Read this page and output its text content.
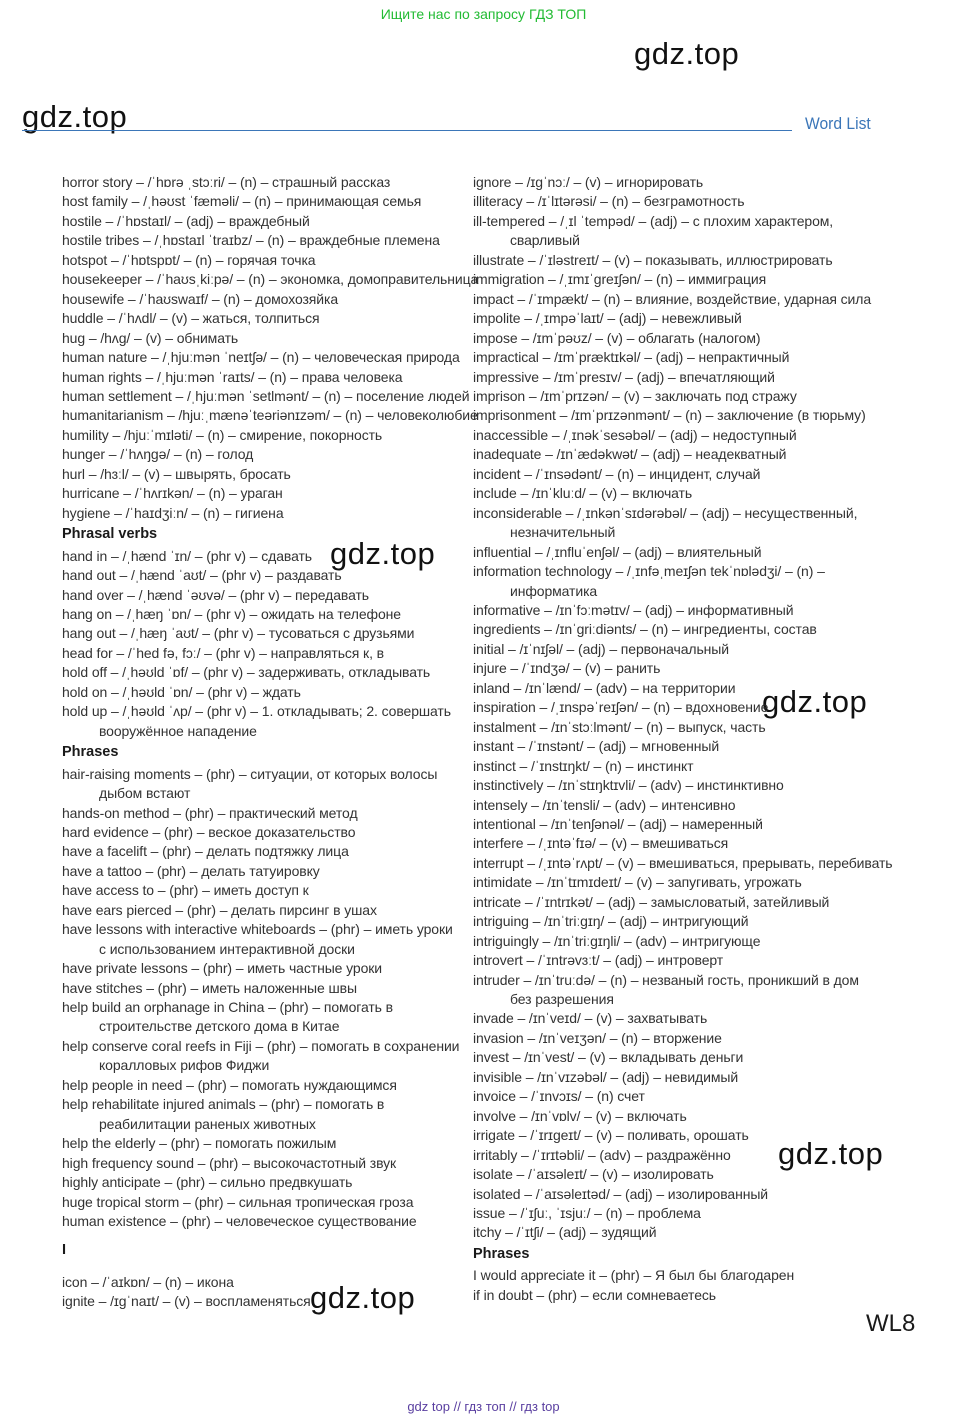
Ищите нас по запросу ГДЗ ТОП
gdz.top
gdz.top
gdz.top
gdz.top
gdz.top
gdz.top
Word List
horror story – /ˈhɒrə ˌstɔːri/ – (n) – страшный рассказ
host family – /ˌhəʊst ˈfæməli/ – (n) – принимающая семья
hostile – /ˈhɒstaɪl/ – (adj) – враждебный
hostile tribes – /ˌhɒstaɪl ˈtraɪbz/ – (n) – враждебные племена
hotspot – /ˈhɒtspɒt/ – (n) – горячая точка
housekeeper – /ˈhaʊsˌkiːpə/ – (n) – экономка, домоправительница
housewife – /ˈhaʊswaɪf/ – (n) – домохозяйка
huddle – /ˈhʌdl/ – (v) – жаться, толпиться
hug – /hʌg/ – (v) – обнимать
human nature – /ˌhjuːmən ˈneɪtʃə/ – (n) – человеческая природа
human rights – /ˌhjuːmən ˈraɪts/ – (n) – права человека
human settlement – /ˌhjuːmən ˈsetlmənt/ – (n) – поселение людей
humanitarianism – /hjuːˌmænəˈteəriənɪzəm/ – (n) – человеколюбие
humility – /hjuːˈmɪləti/ – (n) – смирение, покорность
hunger – /ˈhʌŋgə/ – (n) – голод
hurl – /hɜːl/ – (v) – швырять, бросать
hurricane – /ˈhʌrɪkən/ – (n) – ураган
hygiene – /ˈhaɪdʒiːn/ – (n) – гигиена
Phrasal verbs
hand in – /ˌhænd ˈɪn/ – (phr v) – сдавать
hand out – /ˌhænd ˈaʊt/ – (phr v) – раздавать
hand over – /ˌhænd ˈəʊvə/ – (phr v) – передавать
hang on – /ˌhæŋ ˈɒn/ – (phr v) – ожидать на телефоне
hang out – /ˌhæŋ ˈaʊt/ – (phr v) – тусоваться с друзьями
head for – /ˈhed fə, fɔː/ – (phr v) – направляться к, в
hold off – /ˌhəʊld ˈɒf/ – (phr v) – задерживать, откладывать
hold on – /ˌhəʊld ˈɒn/ – (phr v) – ждать
hold up – /ˌhəʊld ˈʌp/ – (phr v) – 1. откладывать; 2. совершать
вооружённое нападение
Phrases
hair-raising moments – (phr) – ситуации, от которых волосы
дыбом встают
hands-on method – (phr) – практический метод
hard evidence – (phr) – веское доказательство
have a facelift – (phr) – делать подтяжку лица
have a tattoo – (phr) – делать татуировку
have access to – (phr) – иметь доступ к
have ears pierced – (phr) – делать пирсинг в ушах
have lessons with interactive whiteboards – (phr) – иметь уроки
с использованием интерактивной доски
have private lessons – (phr) – иметь частные уроки
have stitches – (phr) – иметь наложенные швы
help build an orphanage in China – (phr) – помогать в
строительстве детского дома в Китае
help conserve coral reefs in Fiji – (phr) – помогать в сохранении
коралловых рифов Фиджи
help people in need – (phr) – помогать нуждающимся
help rehabilitate injured animals – (phr) – помогать в
реабилитации раненых животных
help the elderly – (phr) – помогать пожилым
high frequency sound – (phr) – высокочастотный звук
highly anticipate – (phr) – сильно предвкушать
huge tropical storm – (phr) – сильная тропическая гроза
human existence – (phr) – человеческое существование
I
icon – /ˈaɪkɒn/ – (n) – икона
ignite – /ɪgˈnaɪt/ – (v) – воспламеняться
ignore – /ɪgˈnɔː/ – (v) – игнорировать
illiteracy – /ɪˈlɪtərəsi/ – (n) – безграмотность
ill-tempered – /ˌɪl ˈtempəd/ – (adj) – с плохим характером,
сварливый
illustrate – /ˈɪləstreɪt/ – (v) – показывать, иллюстрировать
immigration – /ˌɪmɪˈgreɪʃən/ – (n) – иммиграция
impact – /ˈɪmpækt/ – (n) – влияние, воздействие, ударная сила
impolite – /ˌɪmpəˈlaɪt/ – (adj) – невежливый
impose – /ɪmˈpəʊz/ – (v) – облагать (налогом)
impractical – /ɪmˈpræktɪkəl/ – (adj) – непрактичный
impressive – /ɪmˈpresɪv/ – (adj) – впечатляющий
imprison – /ɪmˈprɪzən/ – (v) – заключать под стражу
imprisonment – /ɪmˈprɪzənmənt/ – (n) – заключение (в тюрьму)
inaccessible – /ˌɪnəkˈsesəbəl/ – (adj) – недоступный
inadequate – /ɪnˈædəkwət/ – (adj) – неадекватный
incident – /ˈɪnsədənt/ – (n) – инцидент, случай
include – /ɪnˈkluːd/ – (v) – включать
inconsiderable – /ˌɪnkənˈsɪdərəbəl/ – (adj) – несущественный,
незначительный
influential – /ˌɪnfluˈenʃəl/ – (adj) – влиятельный
information technology – /ˌɪnfəˌmeɪʃən tekˈnɒlədʒi/ – (n) –
информатика
informative – /ɪnˈfɔːmətɪv/ – (adj) – информативный
ingredients – /ɪnˈgriːdiənts/ – (n) – ингредиенты, состав
initial – /ɪˈnɪʃəl/ – (adj) – первоначальный
injure – /ˈɪndʒə/ – (v) – ранить
inland – /ɪnˈlænd/ – (adv) – на территории
inspiration – /ˌɪnspəˈreɪʃən/ – (n) – вдохновение
instalment – /ɪnˈstɔːlmənt/ – (n) – выпуск, часть
instant – /ˈɪnstənt/ – (adj) – мгновенный
instinct – /ˈɪnstɪŋkt/ – (n) – инстинкт
instinctively – /ɪnˈstɪŋktɪvli/ – (adv) – инстинктивно
intensely – /ɪnˈtensli/ – (adv) – интенсивно
intentional – /ɪnˈtenʃənəl/ – (adj) – намеренный
interfere – /ˌɪntəˈfɪə/ – (v) – вмешиваться
interrupt – /ˌɪntəˈrʌpt/ – (v) – вмешиваться, прерывать, перебивать
intimidate – /ɪnˈtɪmɪdeɪt/ – (v) – запугивать, угрожать
intricate – /ˈɪntrɪkət/ – (adj) – замысловатый, затейливый
intriguing – /ɪnˈtriːgɪŋ/ – (adj) – интригующий
intriguingly – /ɪnˈtriːgɪŋli/ – (adv) – интригующе
introvert – /ˈɪntrəvɜːt/ – (adj) – интроверт
intruder – /ɪnˈtruːdə/ – (n) – незваный гость, проникший в дом
без разрешения
invade – /ɪnˈveɪd/ – (v) – захватывать
invasion – /ɪnˈveɪʒən/ – (n) – вторжение
invest – /ɪnˈvest/ – (v) – вкладывать деньги
invisible – /ɪnˈvɪzəbəl/ – (adj) – невидимый
invoice – /ˈɪnvɔɪs/ – (n) счет
involve – /ɪnˈvɒlv/ – (v) – включать
irrigate – /ˈɪrɪgeɪt/ – (v) – поливать, орошать
irritably – /ˈɪrɪtəbli/ – (adv) – раздражённо
isolate – /ˈaɪsəleɪt/ – (v) – изолировать
isolated – /ˈaɪsəleɪtəd/ – (adj) – изолированный
issue – /ˈɪʃuː, ˈɪsjuː/ – (n) – проблема
itchy – /ˈɪtʃi/ – (adj) – зудящий
Phrases
I would appreciate it – (phr) – Я был бы благодарен
if in doubt – (phr) – если сомневаетесь
WL8
gdz top // гдз топ // гдз top
